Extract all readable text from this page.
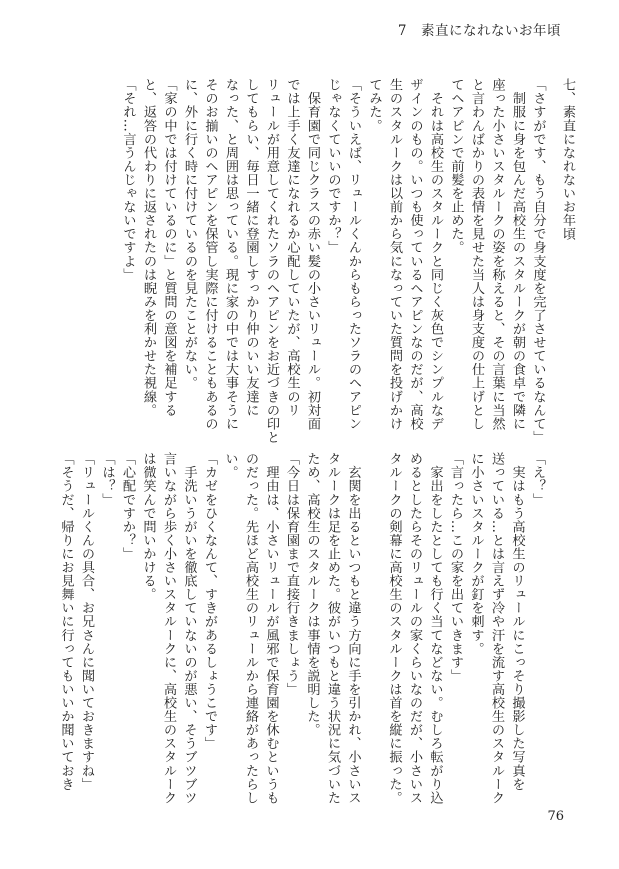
7　素直になれないお年頃
七、素直になれないお年頃
「さすがです、もう自分で身支度を完了させているなんて」
　制服に身を包んだ高校生のスタルークが朝の食卓で隣に
座った小さいスタルークの姿を称えると、その言葉に当然
と言わんばかりの表情を見せた当人は身支度の仕上げとし
てヘアピンで前髪を止めた。
　それは高校生のスタルークと同じく灰色でシンプルなデ
ザインのもの。いつも使っているヘアピンなのだが、高校
生のスタルークは以前から気になっていた質問を投げかけ
てみた。
「そういえば、リュールくんからもらったソラのヘアピン
じゃなくていいのですか？」
　保育園で同じクラスの赤い髪の小さいリュール。初対面
では上手く友達になれるか心配していたが、高校生のリ
リュールが用意してくれたソラのヘアピンをお近づきの印と
してもらい、毎日一緒に登園しすっかり仲のいい友達に
なった、と周囲は思っている。現に家の中では大事そうに
そのお揃いのヘアピンを保管し実際に付けることもあるの
に、外に行く時に付けているのを見たことがない。
「家の中では付けているのに」と質問の意図を補足する
と、返答の代わりに返されたのは睨みを利かせた視線。
「それ…言うんじゃないですよ」
「え？」
　実はもう高校生のリュールにこっそり撮影した写真を
送っている…とは言えず冷や汗を流す高校生のスタルーク
に小さいスタルークが釘を刺す。
「言ったら…この家を出ていきます」
　家出をしたとしても行く当てなどない。むしろ転がり込
めるとしたらそのリュールの家くらいなのだが、小さいス
タルークの剣幕に高校生のスタルークは首を縦に振った。

　玄関を出るといつもと違う方向に手を引かれ、小さいス
タルークは足を止めた。彼がいつもと違う状況に気づいた
ため、高校生のスタルークは事情を説明した。
「今日は保育園まで直接行きましょう」
　理由は、小さいリュールが風邪で保育園を休むというも
のだった。先ほど高校生のリュールから連絡があったらし
い。
「カゼをひくなんて、すきがあるしょうこです」
　手洗いうがいを徹底していないのが悪い、そうブツブツ
言いながら歩く小さいスタルークに、高校生のスタルーク
は微笑んで問いかける。
「心配ですか？」
「は？」
「リュールくんの具合、お兄さんに聞いておきますね」
「そうだ、帰りにお見舞いに行ってもいいか聞いておき
76
